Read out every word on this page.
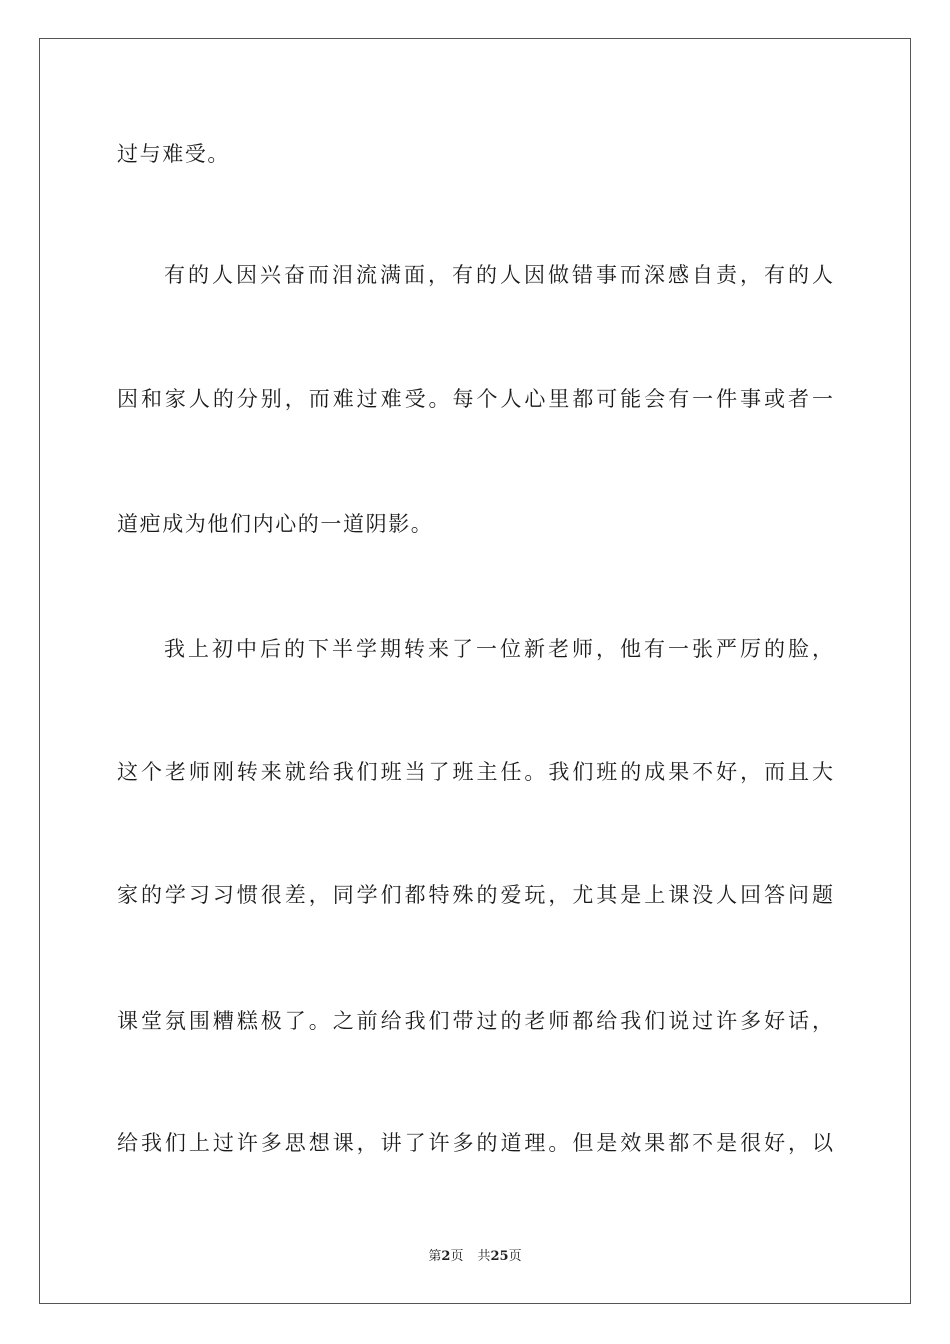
过与难受。
有的人因兴奋而泪流满面，有的人因做错事而深感自责，有的人
因和家人的分别，而难过难受。每个人心里都可能会有一件事或者一
道疤成为他们内心的一道阴影。
我上初中后的下半学期转来了一位新老师，他有一张严厉的脸，
这个老师刚转来就给我们班当了班主任。我们班的成果不好，而且大
家的学习习惯很差，同学们都特殊的爱玩，尤其是上课没人回答问题
课堂氛围糟糕极了。之前给我们带过的老师都给我们说过许多好话，
给我们上过许多思想课，讲了许多的道理。但是效果都不是很好，以
第2页 共25页
